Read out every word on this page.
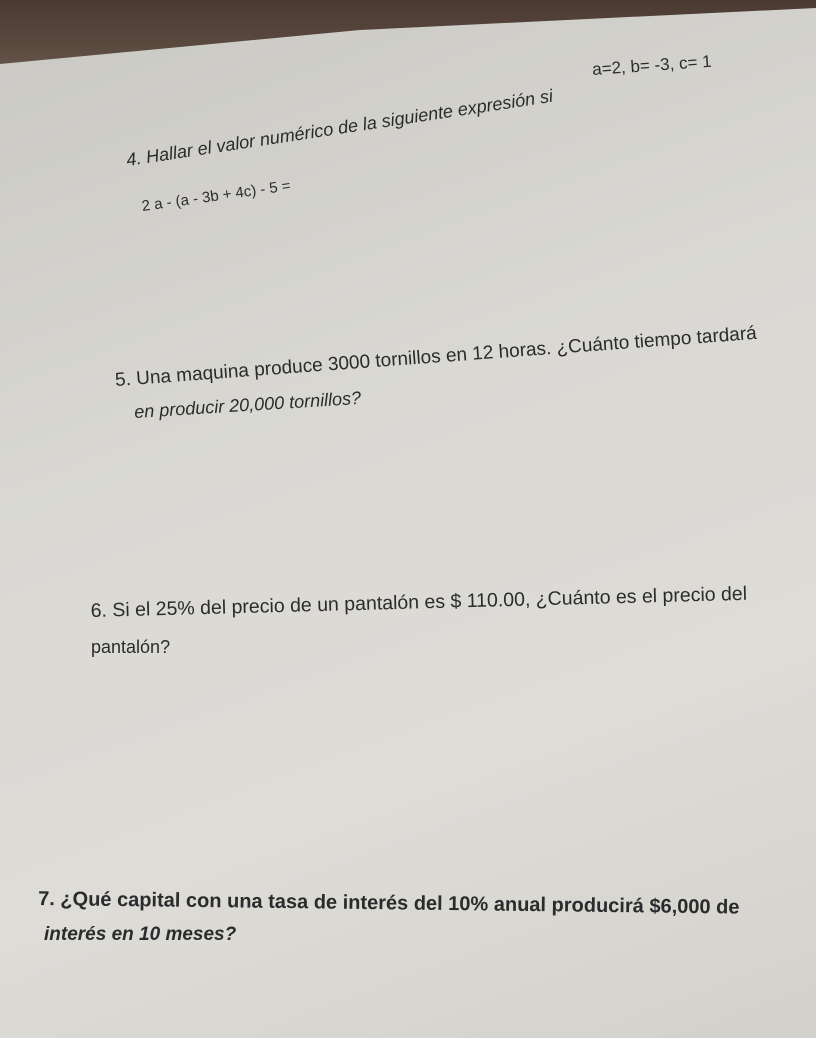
4. Hallar el valor numérico de la siguiente expresión si
a=2, b= -3, c= 1
2 a - (a - 3b + 4c) - 5 =
5. Una maquina produce 3000 tornillos en 12 horas. ¿Cuánto tiempo tardará
en producir 20,000 tornillos?
6. Si el 25% del precio de un pantalón es $ 110.00, ¿Cuánto es el precio del
pantalón?
7. ¿Qué capital con una tasa de interés del 10% anual producirá $6,000 de
interés en 10 meses?
